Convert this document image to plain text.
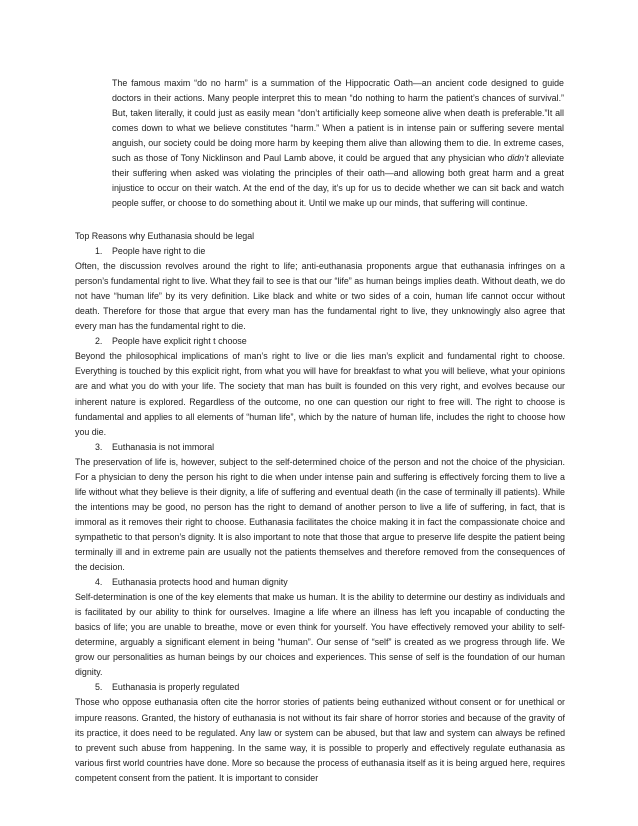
The famous maxim “do no harm” is a summation of the Hippocratic Oath—an ancient code designed to guide doctors in their actions. Many people interpret this to mean “do nothing to harm the patient’s chances of survival.” But, taken literally, it could just as easily mean “don’t artificially keep someone alive when death is preferable.”It all comes down to what we believe constitutes “harm.” When a patient is in intense pain or suffering severe mental anguish, our society could be doing more harm by keeping them alive than allowing them to die. In extreme cases, such as those of Tony Nicklinson and Paul Lamb above, it could be argued that any physician who didn’t alleviate their suffering when asked was violating the principles of their oath—and allowing both great harm and a great injustice to occur on their watch. At the end of the day, it’s up for us to decide whether we can sit back and watch people suffer, or choose to do something about it. Until we make up our minds, that suffering will continue.

Top Reasons why Euthanasia should be legal

1. People have right to die

Often, the discussion revolves around the right to life; anti-euthanasia proponents argue that euthanasia infringes on a person’s fundamental right to live. What they fail to see is that our “life” as human beings implies death. Without death, we do not have “human life” by its very definition. Like black and white or two sides of a coin, human life cannot occur without death. Therefore for those that argue that every man has the fundamental right to live, they unknowingly also agree that every man has the fundamental right to die.

2. People have explicit right t choose

Beyond the philosophical implications of man’s right to live or die lies man’s explicit and fundamental right to choose. Everything is touched by this explicit right, from what you will have for breakfast to what you will believe, what your opinions are and what you do with your life. The society that man has built is founded on this very right, and evolves because our inherent nature is explored. Regardless of the outcome, no one can question our right to free will. The right to choose is fundamental and applies to all elements of “human life”, which by the nature of human life, includes the right to choose how you die.

3. Euthanasia is not immoral

The preservation of life is, however, subject to the self-determined choice of the person and not the choice of the physician. For a physician to deny the person his right to die when under intense pain and suffering is effectively forcing them to live a life without what they believe is their dignity, a life of suffering and eventual death (in the case of terminally ill patients). While the intentions may be good, no person has the right to demand of another person to live a life of suffering, in fact, that is immoral as it removes their right to choose. Euthanasia facilitates the choice making it in fact the compassionate choice and sympathetic to that person’s dignity. It is also important to note that those that argue to preserve life despite the patient being terminally ill and in extreme pain are usually not the patients themselves and therefore removed from the consequences of the decision.

4. Euthanasia protects hood and human dignity

Self-determination is one of the key elements that make us human. It is the ability to determine our destiny as individuals and is facilitated by our ability to think for ourselves. Imagine a life where an illness has left you incapable of conducting the basics of life; you are unable to breathe, move or even think for yourself. You have effectively removed your ability to self-determine, arguably a significant element in being “human”. Our sense of “self” is created as we progress through life. We grow our personalities as human beings by our choices and experiences. This sense of self is the foundation of our human dignity.

5. Euthanasia is properly regulated

Those who oppose euthanasia often cite the horror stories of patients being euthanized without consent or for unethical or impure reasons. Granted, the history of euthanasia is not without its fair share of horror stories and because of the gravity of its practice, it does need to be regulated. Any law or system can be abused, but that law and system can always be refined to prevent such abuse from happening. In the same way, it is possible to properly and effectively regulate euthanasia as various first world countries have done. More so because the process of euthanasia itself as it is being argued here, requires competent consent from the patient. It is important to consider
